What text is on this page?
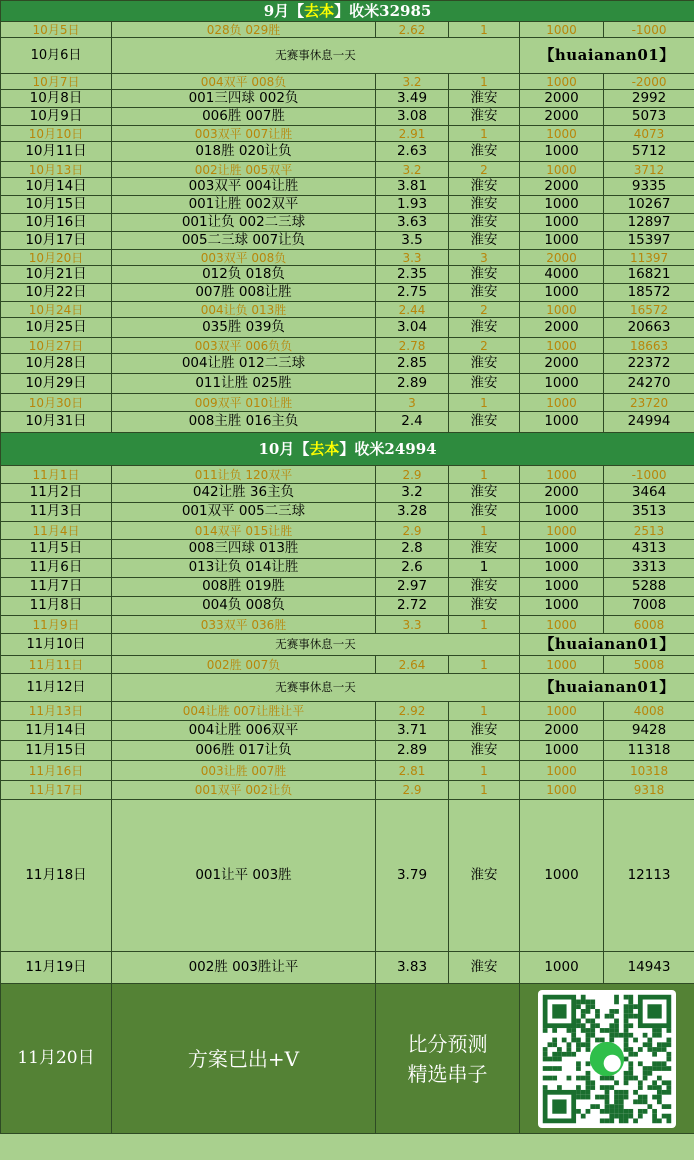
9月【去本】收米32985					
10月5日	028负 029胜	2.62	1	1000	-1000
10月6日	无赛事休息一天			【huaianan01】	
10月7日	004双平 008负	3.2	1	1000	-2000
10月8日	001三四球 002负	3.49	淮安	2000	2992
10月9日	006胜 007胜	3.08	淮安	2000	5073
10月10日	003双平 007让胜	2.91	1	1000	4073
10月11日	018胜 020让负	2.63	淮安	1000	5712
10月13日	002让胜 005双平	3.2	2	1000	3712
10月14日	003双平 004让胜	3.81	淮安	2000	9335
10月15日	001让胜 002双平	1.93	淮安	1000	10267
10月16日	001让负 002二三球	3.63	淮安	1000	12897
10月17日	005二三球 007让负	3.5	淮安	1000	15397
10月20日	003双平 008负	3.3	3	2000	11397
10月21日	012负 018负	2.35	淮安	4000	16821
10月22日	007胜 008让胜	2.75	淮安	1000	18572
10月24日	004让负 013胜	2.44	2	1000	16572
10月25日	035胜 039负	3.04	淮安	2000	20663
10月27日	003双平 006负负	2.78	2	1000	18663
10月28日	004让胜 012二三球	2.85	淮安	2000	22372
10月29日	011让胜 025胜	2.89	淮安	1000	24270
10月30日	009双平 010让胜	3	1	1000	23720
10月31日	008主胜 016主负	2.4	淮安	1000	24994
10月【去本】收米24994					
11月1日	011让负 120双平	2.9	1	1000	-1000
11月2日	042让胜 36主负	3.2	淮安	2000	3464
11月3日	001双平 005二三球	3.28	淮安	1000	3513
11月4日	014双平 015让胜	2.9	1	1000	2513
11月5日	008三四球 013胜	2.8	淮安	1000	4313
11月6日	013让负 014让胜	2.6	1	1000	3313
11月7日	008胜 019胜	2.97	淮安	1000	5288
11月8日	004负 008负	2.72	淮安	1000	7008
11月9日	033双平 036胜	3.3	1	1000	6008
11月10日	无赛事休息一天			【huaianan01】	
11月11日	002胜 007负	2.64	1	1000	5008
11月12日	无赛事休息一天			【huaianan01】	
11月13日	004让胜 007让胜让平	2.92	1	1000	4008
11月14日	004让胜 006双平	3.71	淮安	2000	9428
11月15日	006胜 017让负	2.89	淮安	1000	11318
11月16日	003让胜 007胜	2.81	1	1000	10318
11月17日	001双平 002让负	2.9	1	1000	9318
11月18日	001让平 003胜	3.79	淮安	1000	12113
11月19日	002胜 003胜让平	3.83	淮安	1000	14943
11月20日	方案已出+V	比分预测
精选串子
